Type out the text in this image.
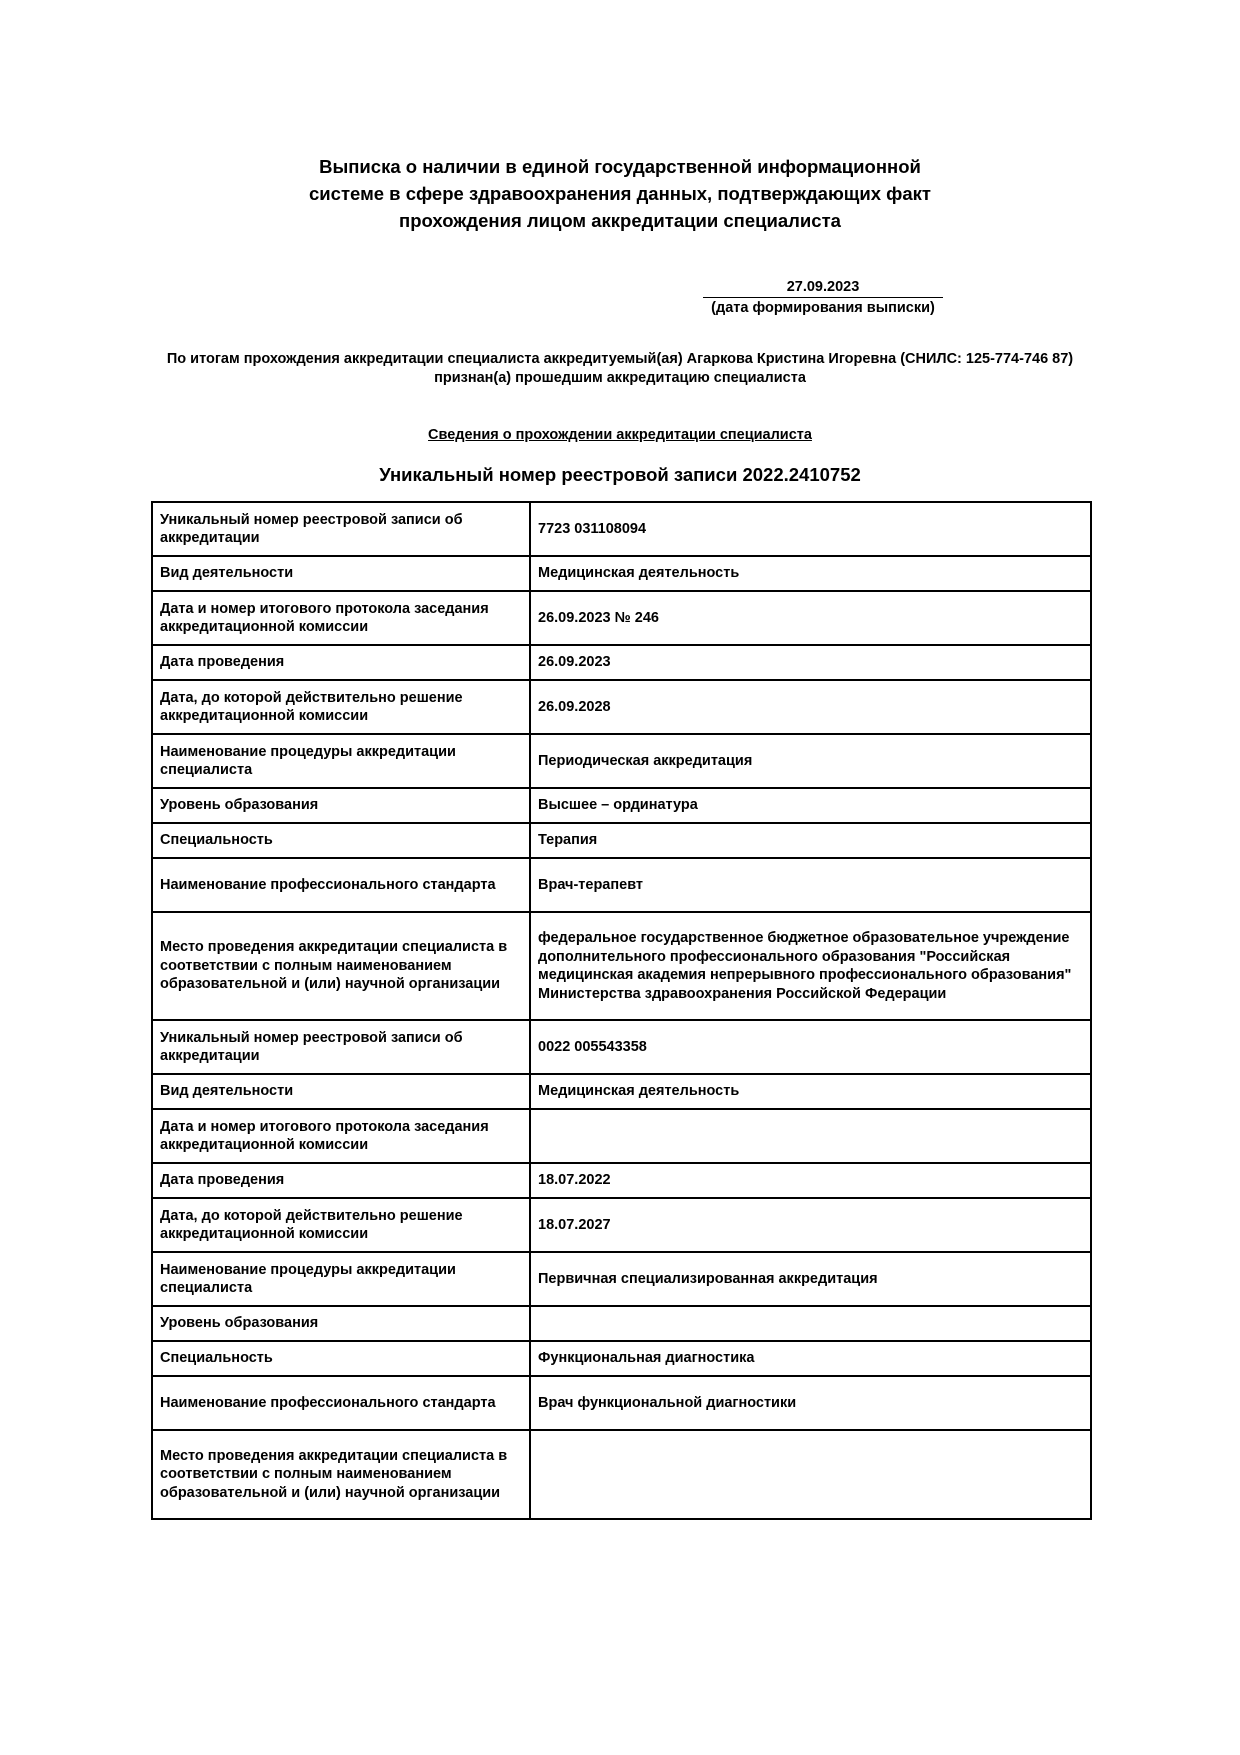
Выписка о наличии в единой государственной информационной
системе в сфере здравоохранения данных, подтверждающих факт
прохождения лицом аккредитации специалиста
27.09.2023
(дата формирования выписки)
По итогам прохождения аккредитации специалиста аккредитуемый(ая) Агаркова Кристина Игоревна (СНИЛС: 125-774-746 87) признан(а) прошедшим аккредитацию специалиста
Сведения о прохождении аккредитации специалиста
Уникальный номер реестровой записи 2022.2410752
Уникальный номер реестровой записи об аккредитации	7723 031108094
Вид деятельности	Медицинская деятельность
Дата и номер итогового протокола заседания аккредитационной комиссии	26.09.2023 № 246
Дата проведения	26.09.2023
Дата, до которой действительно решение аккредитационной комиссии	26.09.2028
Наименование процедуры аккредитации специалиста	Периодическая аккредитация
Уровень образования	Высшее – ординатура
Специальность	Терапия
Наименование профессионального стандарта	Врач-терапевт
Место проведения аккредитации специалиста в соответствии с полным наименованием образовательной и (или) научной организации	федеральное государственное бюджетное образовательное учреждение дополнительного профессионального образования "Российская медицинская академия непрерывного профессионального образования" Министерства здравоохранения Российской Федерации
Уникальный номер реестровой записи об аккредитации	0022 005543358
Вид деятельности	Медицинская деятельность
Дата и номер итогового протокола заседания аккредитационной комиссии	
Дата проведения	18.07.2022
Дата, до которой действительно решение аккредитационной комиссии	18.07.2027
Наименование процедуры аккредитации специалиста	Первичная специализированная аккредитация
Уровень образования	
Специальность	Функциональная диагностика
Наименование профессионального стандарта	Врач функциональной диагностики
Место проведения аккредитации специалиста в соответствии с полным наименованием образовательной и (или) научной организации	
